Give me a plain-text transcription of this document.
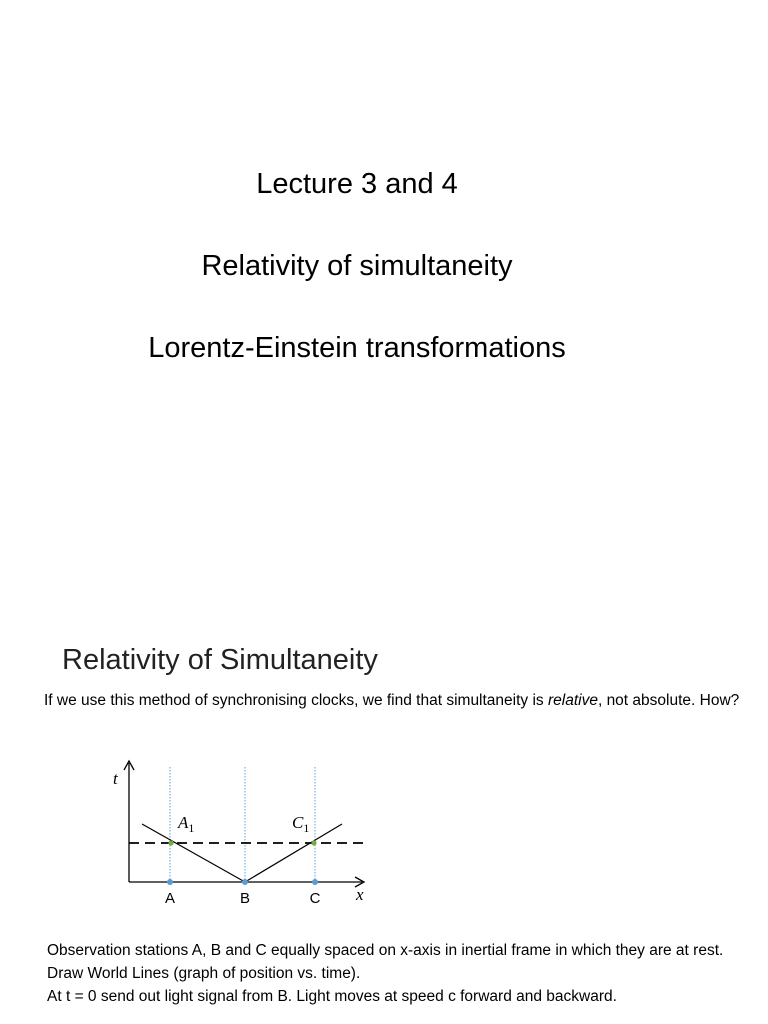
Lecture 3 and 4
Relativity of simultaneity
Lorentz-Einstein transformations
Relativity of Simultaneity
If we use this method of synchronising clocks, we find that simultaneity is relative, not absolute. How?
t
x
$A_1$	$C_1$
A	B	C

Observation stations A, B and C equally spaced on x-axis in inertial frame in which they are at rest.

Draw World Lines (graph of position vs. time).

At t = 0 send out light signal from B. Light moves at speed c forward and backward.
